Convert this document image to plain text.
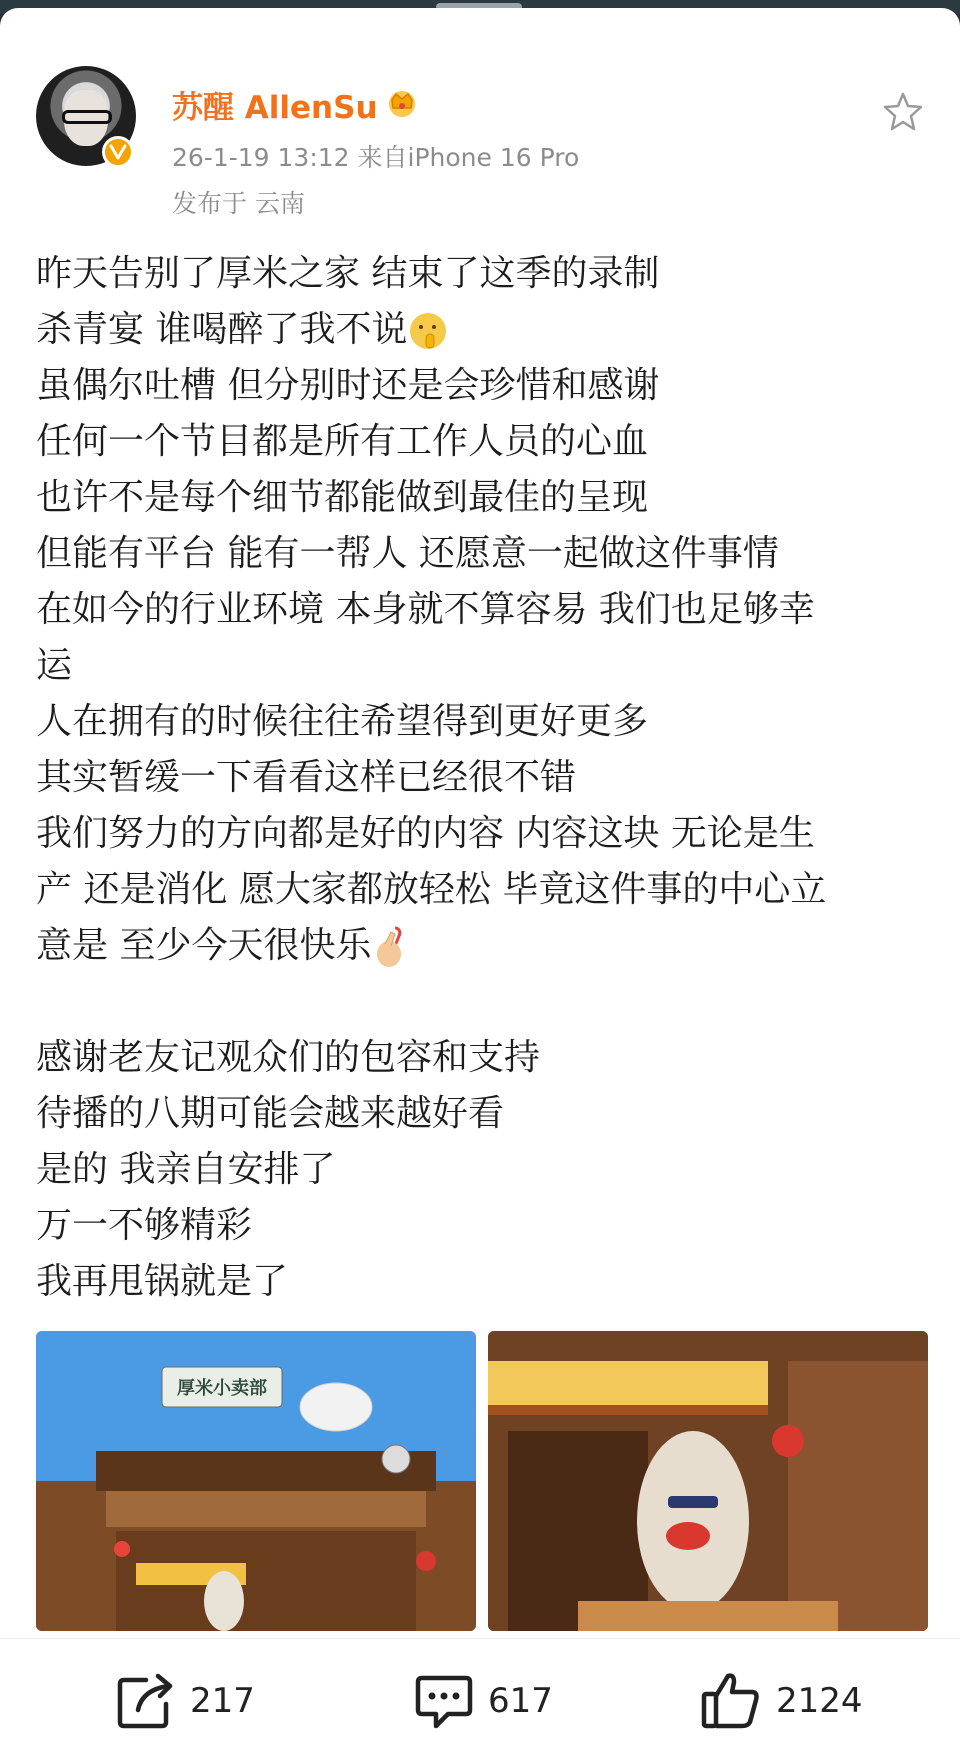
苏醒 AllenSu
26-1-19 13:12 来自iPhone 16 Pro
发布于 云南
昨天告别了厚米之家 结束了这季的录制
杀青宴 谁喝醉了我不说
虽偶尔吐槽 但分别时还是会珍惜和感谢
任何一个节目都是所有工作人员的心血
也许不是每个细节都能做到最佳的呈现
但能有平台 能有一帮人 还愿意一起做这件事情
在如今的行业环境 本身就不算容易 我们也足够幸
运
人在拥有的时候往往希望得到更好更多
其实暂缓一下看看这样已经很不错
我们努力的方向都是好的内容 内容这块 无论是生
产 还是消化 愿大家都放轻松 毕竟这件事的中心立
意是 至少今天很快乐
感谢老友记观众们的包容和支持
待播的八期可能会越来越好看
是的 我亲自安排了
万一不够精彩
我再甩锅就是了
厚米小卖部
217	617	2124
